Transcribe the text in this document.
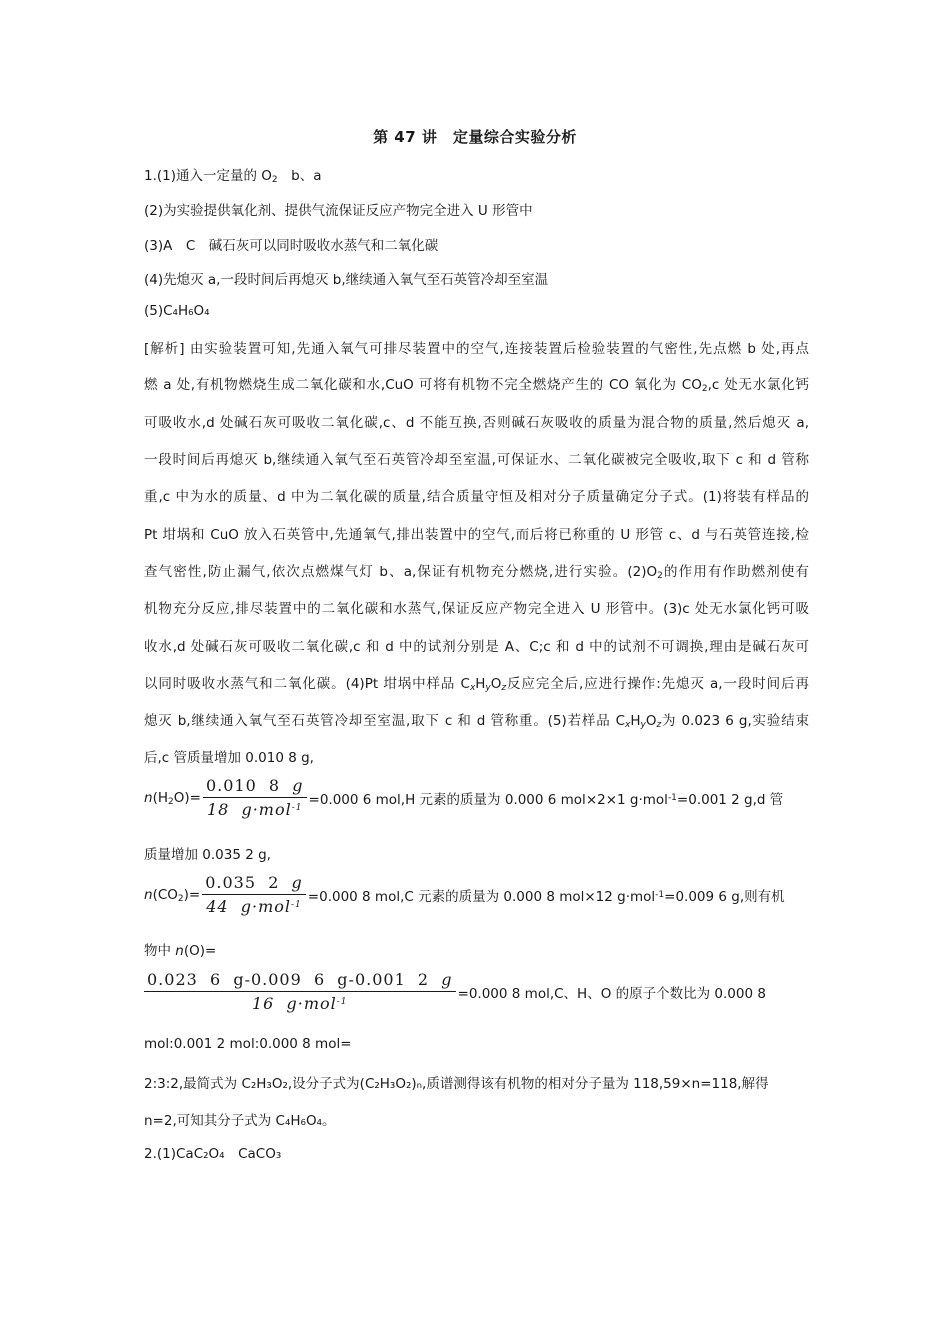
第 47 讲　定量综合实验分析
1.(1)通入一定量的 $O_2$　b、a
(2)为实验提供氧化剂、提供气流保证反应产物完全进入 U 形管中
(3)A　C　碱石灰可以同时吸收水蒸气和二氧化碳
(4)先熄灭 a,一段时间后再熄灭 b,继续通入氧气至石英管冷却至室温
(5)C₄H₆O₄
[解析] 由实验装置可知,先通入氧气可排尽装置中的空气,连接装置后检验装置的气密性,先点燃 b 处,再点
燃 a 处,有机物燃烧生成二氧化碳和水,CuO 可将有机物不完全燃烧产生的 CO 氧化为 $CO_2,c$ 处无水氯化钙
可吸收水,d 处碱石灰可吸收二氧化碳,c、d 不能互换,否则碱石灰吸收的质量为混合物的质量,然后熄灭 a,
一段时间后再熄灭 b,继续通入氧气至石英管冷却至室温,可保证水、二氧化碳被完全吸收,取下 c 和 d 管称
重,c 中为水的质量、d 中为二氧化碳的质量,结合质量守恒及相对分子质量确定分子式。(1)将装有样品的
Pt 坩埚和 CuO 放入石英管中,先通氧气,排出装置中的空气,而后将已称重的 U 形管 c、d 与石英管连接,检
查气密性,防止漏气,依次点燃煤气灯 b、a,保证有机物充分燃烧,进行实验。$(2)O_2$的作用有作助燃剂使有
机物充分反应,排尽装置中的二氧化碳和水蒸气,保证反应产物完全进入 U 形管中。(3)c 处无水氯化钙可吸
收水,d 处碱石灰可吸收二氧化碳,c 和 d 中的试剂分别是 A、C;c 和 d 中的试剂不可调换,理由是碱石灰可
以同时吸收水蒸气和二氧化碳。(4)Pt 坩埚中样品 $C_xH_yO_z$反应完全后,应进行操作:先熄灭 a,一段时间后再
熄灭 b,继续通入氧气至石英管冷却至室温,取下 c 和 d 管称重。(5)若样品 $C_xH_yO_z$为 0.023 6 g,实验结束
后,c 管质量增加 0.010 8 g,
$n(H_2O)= \frac{0.010 8 g}{18 g\cdot mol^{-1}} =0.000$ 6 mol,H 元素的质量为 0.000 6 mol×2×1 g·mol -1 =0.001 2 g,d 管
质量增加 0.035 2 g,
$n(CO_2)= \frac{0.035 2 g}{44 g\cdot mol^{-1}} =0.000$ 8 mol,C 元素的质量为 0.000 8 mol×12 g·mol -1 =0.009 6 g,则有机
物中 n(O)=
$\frac{0.023 6 g-0.009 6 g-0.001 2 g}{16 g\cdot mol^{-1}} =0.000$ 8 mol,C、H、O 的原子个数比为 0.000 8
mol:0.001 2 mol:0.000 8 mol=
2:3:2,最简式为 C₂H₃O₂,设分子式为(C₂H₃O₂)ₙ,质谱测得该有机物的相对分子量为 118,59×n=118,解得
n=2,可知其分子式为 C₄H₆O₄。
2.(1)CaC₂O₄　CaCO₃
